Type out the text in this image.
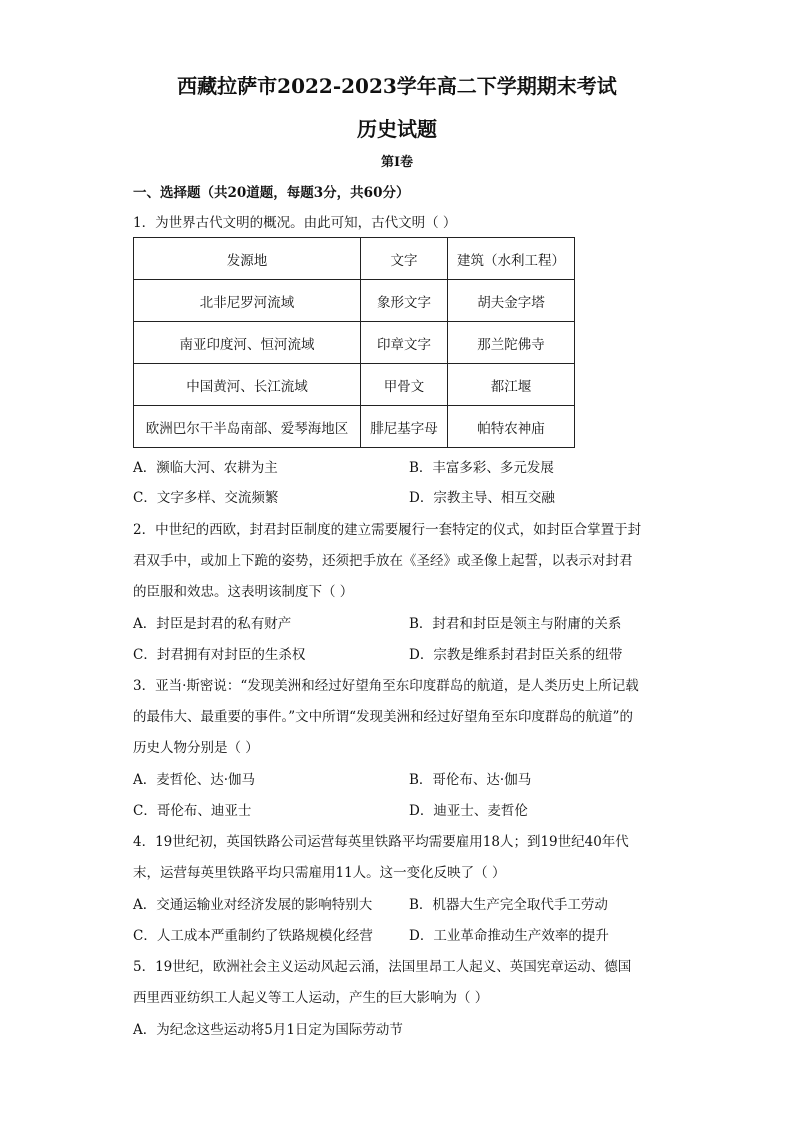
西藏拉萨市2022-2023学年高二下学期期末考试
历史试题
第Ⅰ卷
一、选择题（共20道题，每题3分，共60分）
1．为世界古代文明的概况。由此可知，古代文明（ ）
发源地	文字	建筑（水利工程）
北非尼罗河流域	象形文字	胡夫金字塔
南亚印度河、恒河流域	印章文字	那兰陀佛寺
中国黄河、长江流域	甲骨文	都江堰
欧洲巴尔干半岛南部、爱琴海地区	腓尼基字母	帕特农神庙
A．濒临大河、农耕为主	B．丰富多彩、多元发展
C．文字多样、交流频繁	D．宗教主导、相互交融
2．中世纪的西欧，封君封臣制度的建立需要履行一套特定的仪式，如封臣合掌置于封
君双手中，或加上下跪的姿势，还须把手放在《圣经》或圣像上起誓，以表示对封君
的臣服和效忠。这表明该制度下（ ）
A．封臣是封君的私有财产	B．封君和封臣是领主与附庸的关系
C．封君拥有对封臣的生杀权	D．宗教是维系封君封臣关系的纽带
3．亚当·斯密说：“发现美洲和经过好望角至东印度群岛的航道，是人类历史上所记载
的最伟大、最重要的事件。”文中所谓“发现美洲和经过好望角至东印度群岛的航道”的
历史人物分别是（ ）
A．麦哲伦、达·伽马	B．哥伦布、达·伽马
C．哥伦布、迪亚士	D．迪亚士、麦哲伦
4．19世纪初，英国铁路公司运营每英里铁路平均需要雇用18人；到19世纪40年代
末，运营每英里铁路平均只需雇用11人。这一变化反映了（ ）
A．交通运输业对经济发展的影响特别大	B．机器大生产完全取代手工劳动
C．人工成本严重制约了铁路规模化经营	D．工业革命推动生产效率的提升
5．19世纪，欧洲社会主义运动风起云涌，法国里昂工人起义、英国宪章运动、德国
西里西亚纺织工人起义等工人运动，产生的巨大影响为（ ）
A．为纪念这些运动将5月1日定为国际劳动节
